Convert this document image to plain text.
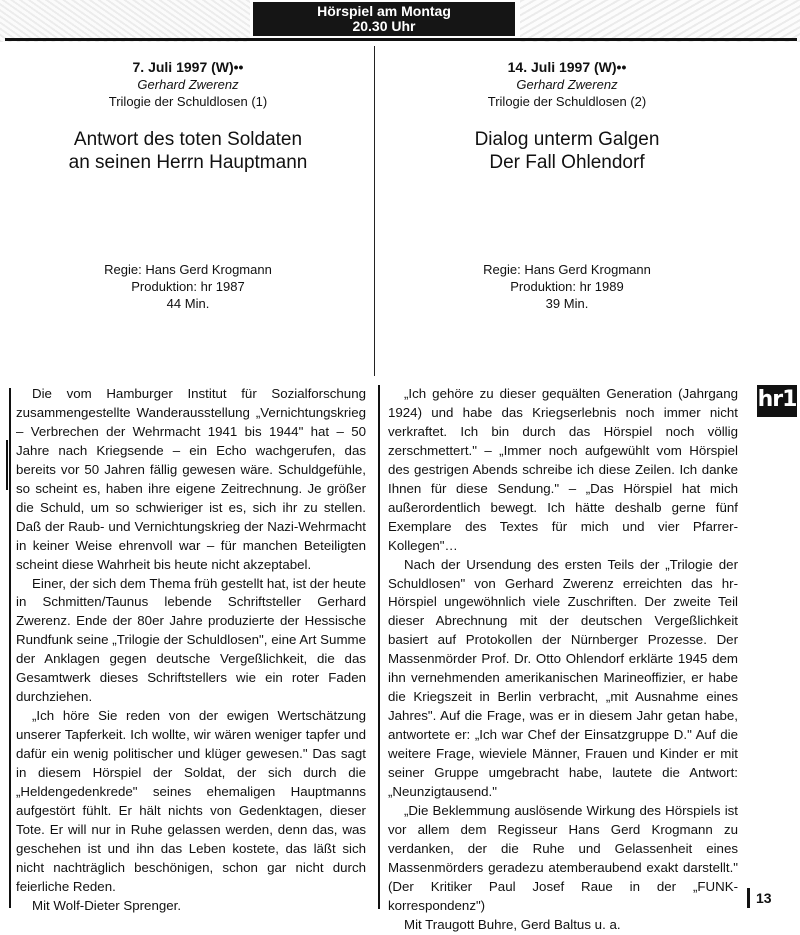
Hörspiel am Montag
20.30 Uhr
7. Juli 1997 (W)••
Gerhard Zwerenz
Trilogie der Schuldlosen (1)
Antwort des toten Soldaten
an seinen Herrn Hauptmann
Regie: Hans Gerd Krogmann
Produktion: hr 1987
44 Min.
14. Juli 1997 (W)••
Gerhard Zwerenz
Trilogie der Schuldlosen (2)
Dialog unterm Galgen
Der Fall Ohlendorf
Regie: Hans Gerd Krogmann
Produktion: hr 1989
39 Min.

Die vom Hamburger Institut für Sozialforschung zusammengestellte Wanderausstellung „Vernichtungskrieg – Verbrechen der Wehrmacht 1941 bis 1944" hat – 50 Jahre nach Kriegsende – ein Echo wachgerufen, das bereits vor 50 Jahren fällig gewesen wäre. Schuldgefühle, so scheint es, haben ihre eigene Zeitrechnung. Je größer die Schuld, um so schwieriger ist es, sich ihr zu stellen. Daß der Raub- und Vernichtungskrieg der Nazi-Wehrmacht in keiner Weise ehrenvoll war – für manchen Beteiligten scheint diese Wahrheit bis heute nicht akzeptabel.

Einer, der sich dem Thema früh gestellt hat, ist der heute in Schmitten/Taunus lebende Schriftsteller Gerhard Zwerenz. Ende der 80er Jahre produzierte der Hessische Rundfunk seine „Trilogie der Schuldlosen", eine Art Summe der Anklagen gegen deutsche Vergeßlichkeit, die das Gesamtwerk dieses Schriftstellers wie ein roter Faden durchziehen.

„Ich höre Sie reden von der ewigen Wertschätzung unserer Tapferkeit. Ich wollte, wir wären weniger tapfer und dafür ein wenig politischer und klüger gewesen." Das sagt in diesem Hörspiel der Soldat, der sich durch die „Heldengedenkrede" seines ehemaligen Hauptmanns aufgestört fühlt. Er hält nichts von Gedenktagen, dieser Tote. Er will nur in Ruhe gelassen werden, denn das, was geschehen ist und ihn das Leben kostete, das läßt sich nicht nachträglich beschönigen, schon gar nicht durch feierliche Reden.

Mit Wolf-Dieter Sprenger.

„Ich gehöre zu dieser gequälten Generation (Jahrgang 1924) und habe das Kriegserlebnis noch immer nicht verkraftet. Ich bin durch das Hörspiel noch völlig zerschmettert." – „Immer noch aufgewühlt vom Hörspiel des gestrigen Abends schreibe ich diese Zeilen. Ich danke Ihnen für diese Sendung." – „Das Hörspiel hat mich außerordentlich bewegt. Ich hätte deshalb gerne fünf Exemplare des Textes für mich und vier Pfarrer-Kollegen"…

Nach der Ursendung des ersten Teils der „Trilogie der Schuldlosen" von Gerhard Zwerenz erreichten das hr-Hörspiel ungewöhnlich viele Zuschriften. Der zweite Teil dieser Abrechnung mit der deutschen Vergeßlichkeit basiert auf Protokollen der Nürnberger Prozesse. Der Massenmörder Prof. Dr. Otto Ohlendorf erklärte 1945 dem ihn vernehmenden amerikanischen Marineoffizier, er habe die Kriegszeit in Berlin verbracht, „mit Ausnahme eines Jahres". Auf die Frage, was er in diesem Jahr getan habe, antwortete er: „Ich war Chef der Einsatzgruppe D." Auf die weitere Frage, wieviele Männer, Frauen und Kinder er mit seiner Gruppe umgebracht habe, lautete die Antwort: „Neunzigtausend."

„Die Beklemmung auslösende Wirkung des Hörspiels ist vor allem dem Regisseur Hans Gerd Krogmann zu verdanken, der die Ruhe und Gelassenheit eines Massenmörders geradezu atemberaubend exakt darstellt." (Der Kritiker Paul Josef Raue in der „FUNK-korrespondenz")

Mit Traugott Buhre, Gerd Baltus u. a.

hr1
13
